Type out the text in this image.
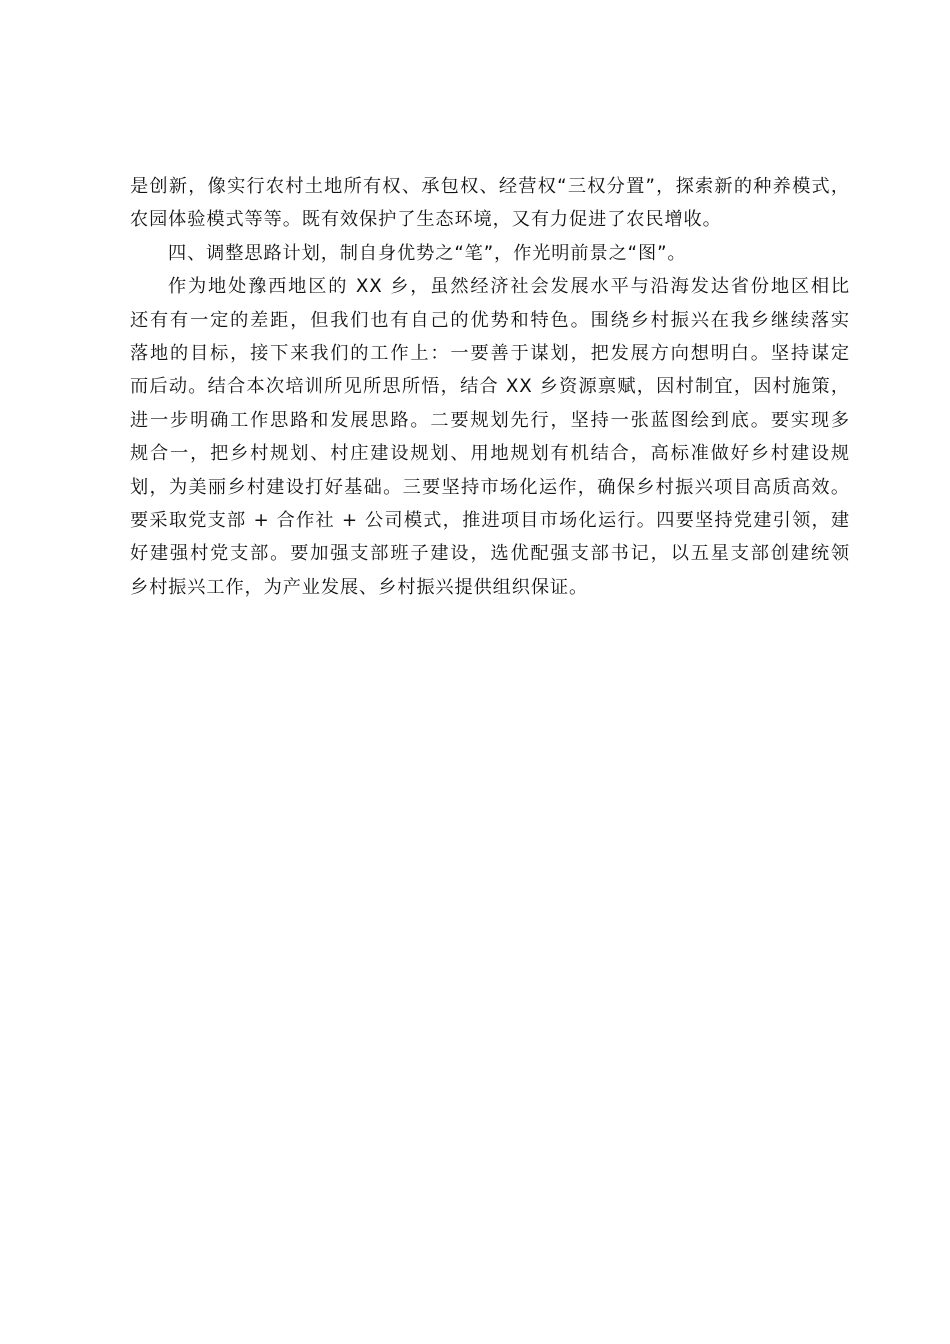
是创新，像实行农村土地所有权、承包权、经营权“三权分置”，探索新的种养模式，
农园体验模式等等。既有效保护了生态环境，又有力促进了农民增收。
四、调整思路计划，制自身优势之“笔”，作光明前景之“图”。
作为地处豫西地区的 XX 乡，虽然经济社会发展水平与沿海发达省份地区相比
还有有一定的差距，但我们也有自己的优势和特色。围绕乡村振兴在我乡继续落实
落地的目标，接下来我们的工作上：一要善于谋划，把发展方向想明白。坚持谋定
而后动。结合本次培训所见所思所悟，结合 XX 乡资源禀赋，因村制宜，因村施策，
进一步明确工作思路和发展思路。二要规划先行，坚持一张蓝图绘到底。要实现多
规合一，把乡村规划、村庄建设规划、用地规划有机结合，高标准做好乡村建设规
划，为美丽乡村建设打好基础。三要坚持市场化运作，确保乡村振兴项目高质高效。
要采取党支部 + 合作社 + 公司模式，推进项目市场化运行。四要坚持党建引领，建
好建强村党支部。要加强支部班子建设，选优配强支部书记，以五星支部创建统领
乡村振兴工作，为产业发展、乡村振兴提供组织保证。
